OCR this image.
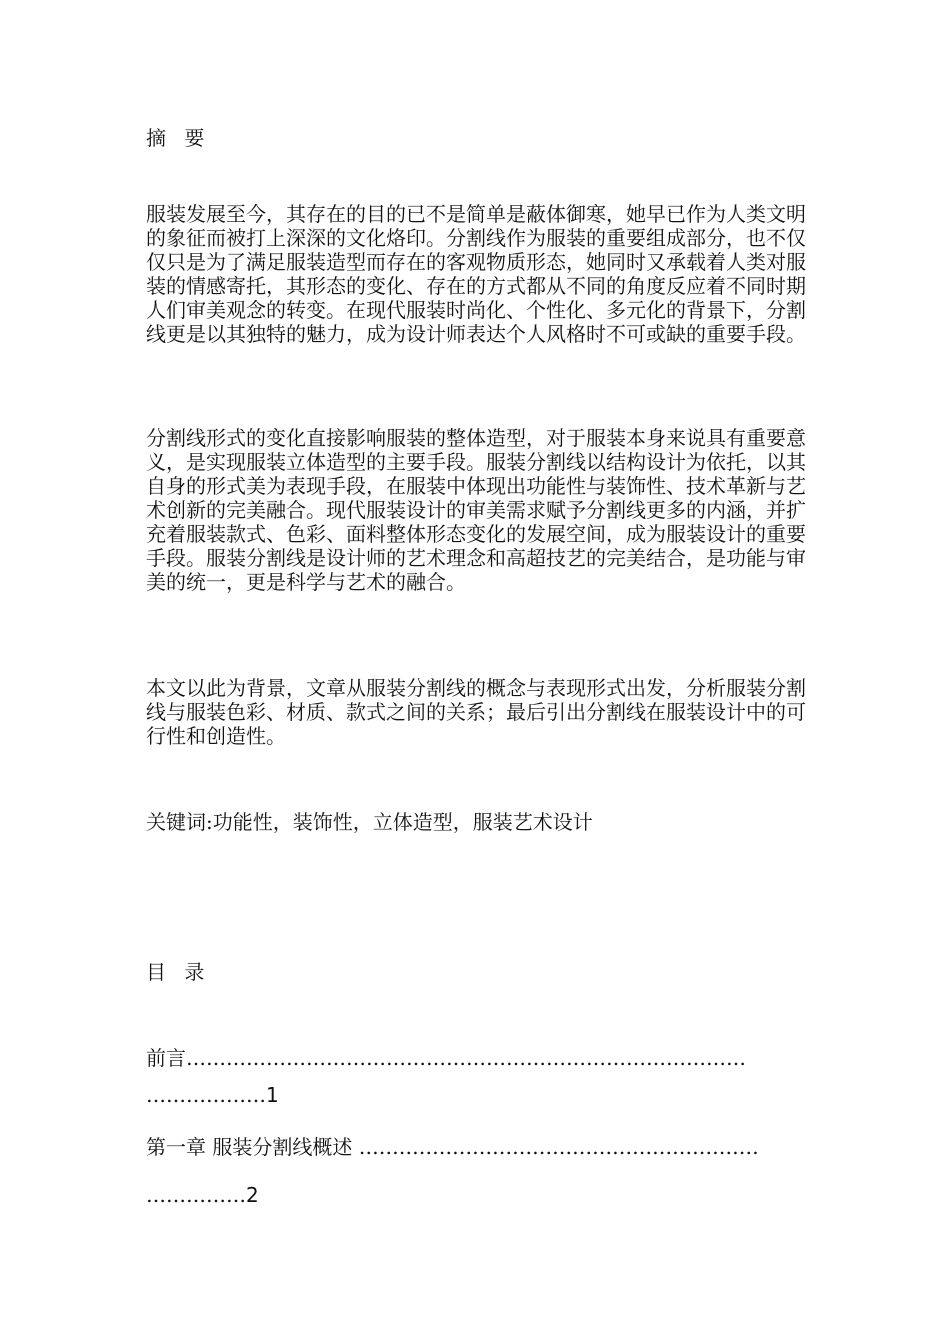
摘 要

服装发展至今，其存在的目的已不是简单是蔽体御寒，她早已作为人类文明的象征而被打上深深的文化烙印。分割线作为服装的重要组成部分，也不仅仅只是为了满足服装造型而存在的客观物质形态，她同时又承载着人类对服装的情感寄托，其形态的变化、存在的方式都从不同的角度反应着不同时期人们审美观念的转变。在现代服装时尚化、个性化、多元化的背景下，分割线更是以其独特的魅力，成为设计师表达个人风格时不可或缺的重要手段。

分割线形式的变化直接影响服装的整体造型，对于服装本身来说具有重要意义，是实现服装立体造型的主要手段。服装分割线以结构设计为依托，以其自身的形式美为表现手段，在服装中体现出功能性与装饰性、技术革新与艺术创新的完美融合。现代服装设计的审美需求赋予分割线更多的内涵，并扩充着服装款式、色彩、面料整体形态变化的发展空间，成为服装设计的重要手段。服装分割线是设计师的艺术理念和高超技艺的完美结合，是功能与审美的统一，更是科学与艺术的融合。

本文以此为背景，文章从服装分割线的概念与表现形式出发，分析服装分割线与服装色彩、材质、款式之间的关系；最后引出分割线在服装设计中的可行性和创造性。

关键词:功能性，装饰性，立体造型，服装艺术设计
目 录
前言…………………………………………………………………………
………………1
第一章 服装分割线概述 ……………………………………………………
……………2
